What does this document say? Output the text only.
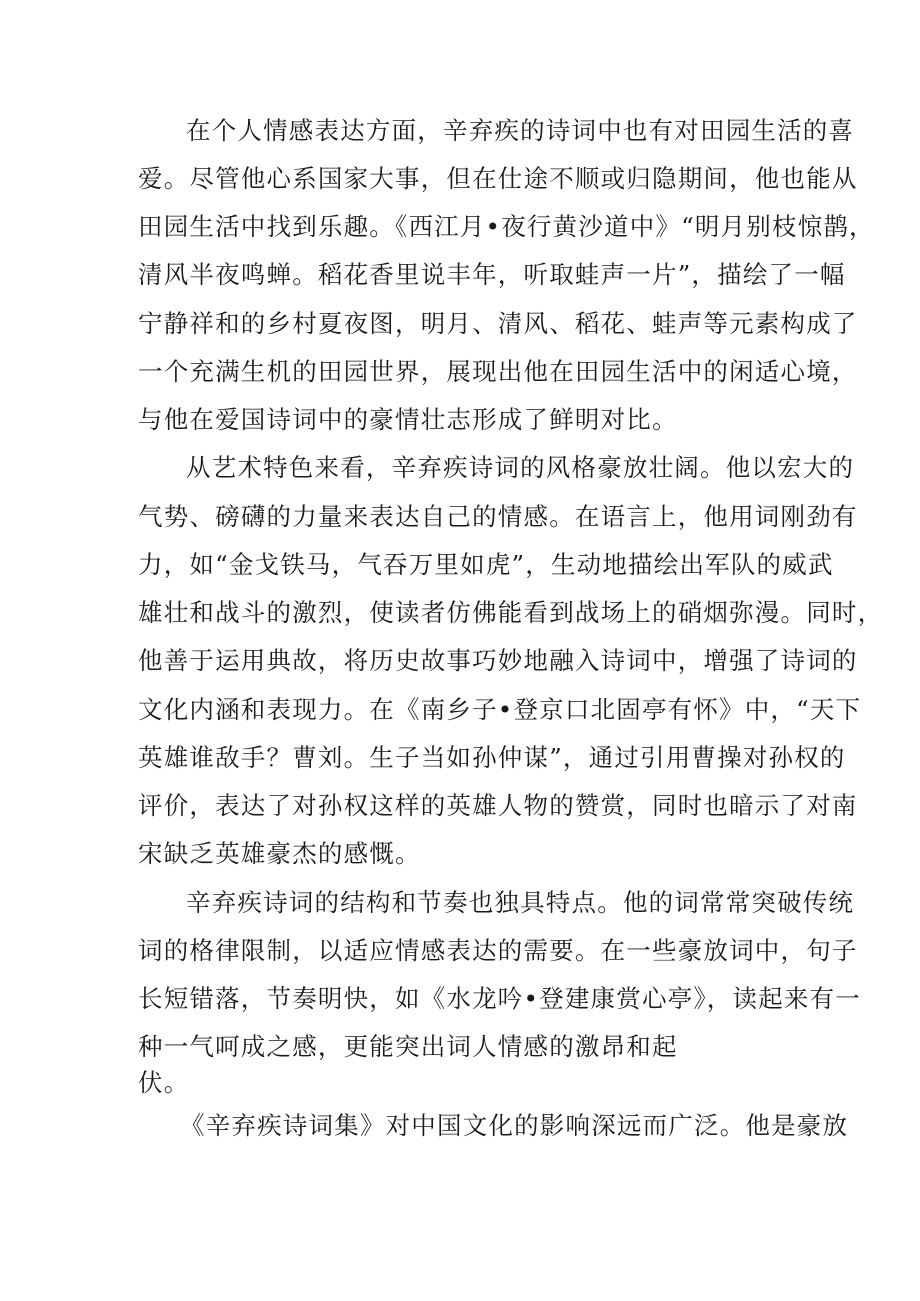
在个人情感表达方面，辛弃疾的诗词中也有对田园生活的喜
爱。尽管他心系国家大事，但在仕途不顺或归隐期间，他也能从
田园生活中找到乐趣。《西江月•夜行黄沙道中》“明月别枝惊鹊，
清风半夜鸣蝉。稻花香里说丰年，听取蛙声一片”，描绘了一幅
宁静祥和的乡村夏夜图，明月、清风、稻花、蛙声等元素构成了
一个充满生机的田园世界，展现出他在田园生活中的闲适心境，
与他在爱国诗词中的豪情壮志形成了鲜明对比。
从艺术特色来看，辛弃疾诗词的风格豪放壮阔。他以宏大的
气势、磅礴的力量来表达自己的情感。在语言上，他用词刚劲有
力，如“金戈铁马，气吞万里如虎”，生动地描绘出军队的威武
雄壮和战斗的激烈，使读者仿佛能看到战场上的硝烟弥漫。同时，
他善于运用典故，将历史故事巧妙地融入诗词中，增强了诗词的
文化内涵和表现力。在《南乡子•登京口北固亭有怀》中，“天下
英雄谁敌手？曹刘。生子当如孙仲谋”，通过引用曹操对孙权的
评价，表达了对孙权这样的英雄人物的赞赏，同时也暗示了对南
宋缺乏英雄豪杰的感慨。
辛弃疾诗词的结构和节奏也独具特点。他的词常常突破传统
词的格律限制，以适应情感表达的需要。在一些豪放词中，句子
长短错落，节奏明快，如《水龙吟•登建康赏心亭》，读起来有一
种一气呵成之感，更能突出词人情感的激昂和起
伏。
《辛弃疾诗词集》对中国文化的影响深远而广泛。他是豪放
